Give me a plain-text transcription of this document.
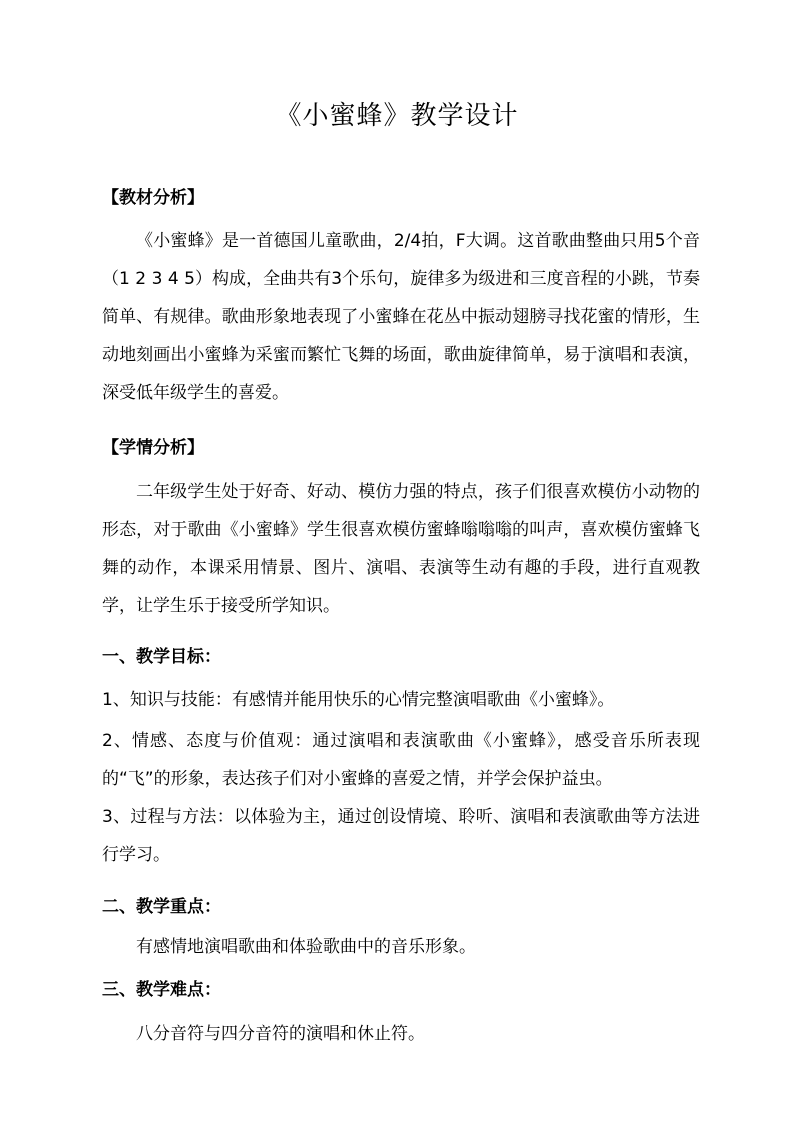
《小蜜蜂》教学设计
【教材分析】
《小蜜蜂》是一首德国儿童歌曲，2/4拍，F大调。这首歌曲整曲只用5个音（1 2 3 4 5）构成，全曲共有3个乐句，旋律多为级进和三度音程的小跳，节奏简单、有规律。歌曲形象地表现了小蜜蜂在花丛中振动翅膀寻找花蜜的情形，生动地刻画出小蜜蜂为采蜜而繁忙飞舞的场面，歌曲旋律简单，易于演唱和表演，深受低年级学生的喜爱。
【学情分析】
二年级学生处于好奇、好动、模仿力强的特点，孩子们很喜欢模仿小动物的形态，对于歌曲《小蜜蜂》学生很喜欢模仿蜜蜂嗡嗡嗡的叫声，喜欢模仿蜜蜂飞舞的动作，本课采用情景、图片、演唱、表演等生动有趣的手段，进行直观教学，让学生乐于接受所学知识。
一、教学目标：
1、知识与技能：有感情并能用快乐的心情完整演唱歌曲《小蜜蜂》。
2、情感、态度与价值观：通过演唱和表演歌曲《小蜜蜂》，感受音乐所表现的“飞”的形象，表达孩子们对小蜜蜂的喜爱之情，并学会保护益虫。
3、过程与方法：以体验为主，通过创设情境、聆听、演唱和表演歌曲等方法进行学习。
二、教学重点：
有感情地演唱歌曲和体验歌曲中的音乐形象。
三、教学难点：
八分音符与四分音符的演唱和休止符。
